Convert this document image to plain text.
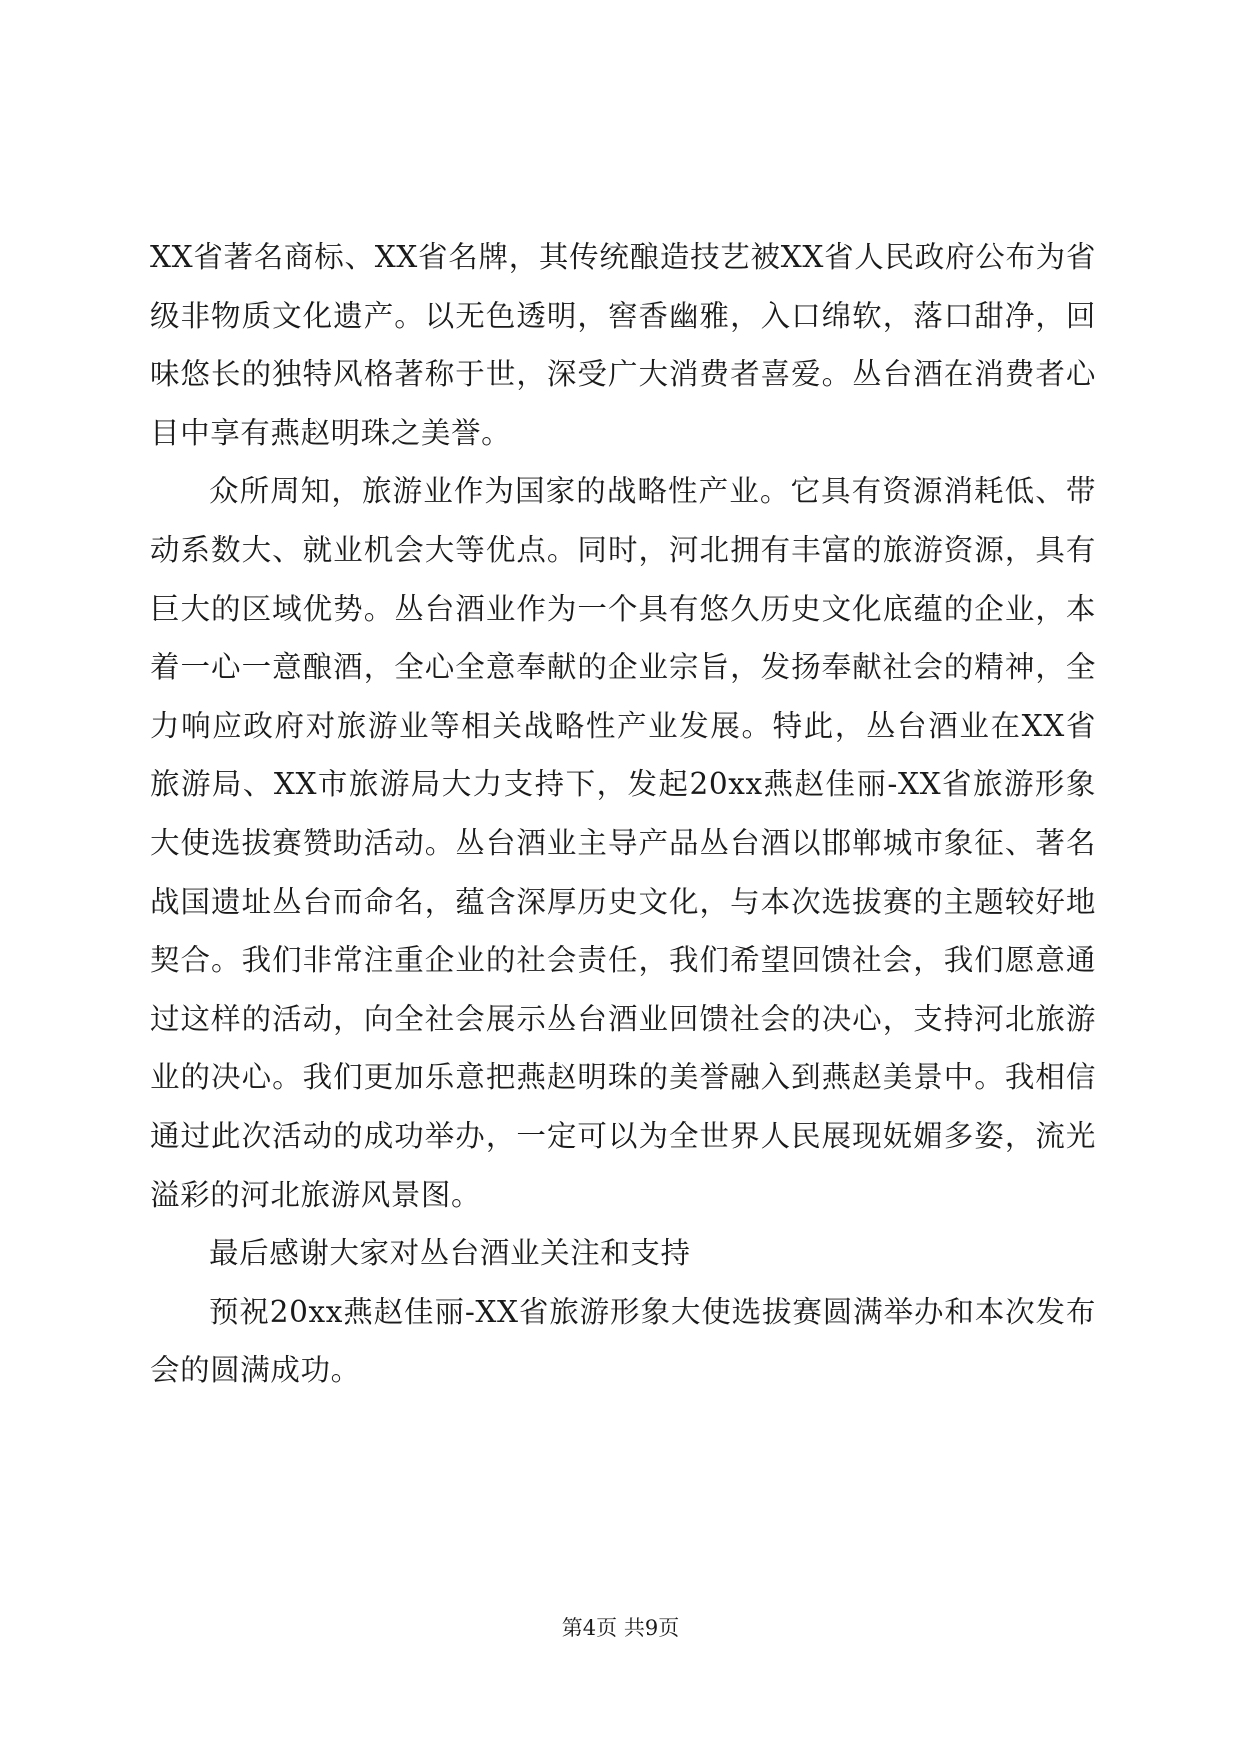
XX省著名商标、XX省名牌，其传统酿造技艺被XX省人民政府公布为省级非物质文化遗产。以无色透明，窖香幽雅，入口绵软，落口甜净，回味悠长的独特风格著称于世，深受广大消费者喜爱。丛台酒在消费者心目中享有燕赵明珠之美誉。

众所周知，旅游业作为国家的战略性产业。它具有资源消耗低、带动系数大、就业机会大等优点。同时，河北拥有丰富的旅游资源，具有巨大的区域优势。丛台酒业作为一个具有悠久历史文化底蕴的企业，本着一心一意酿酒，全心全意奉献的企业宗旨，发扬奉献社会的精神，全力响应政府对旅游业等相关战略性产业发展。特此，丛台酒业在XX省旅游局、XX市旅游局大力支持下，发起20xx燕赵佳丽-XX省旅游形象大使选拔赛赞助活动。丛台酒业主导产品丛台酒以邯郸城市象征、著名战国遗址丛台而命名，蕴含深厚历史文化，与本次选拔赛的主题较好地契合。我们非常注重企业的社会责任，我们希望回馈社会，我们愿意通过这样的活动，向全社会展示丛台酒业回馈社会的决心，支持河北旅游业的决心。我们更加乐意把燕赵明珠的美誉融入到燕赵美景中。我相信通过此次活动的成功举办，一定可以为全世界人民展现妩媚多姿，流光溢彩的河北旅游风景图。

最后感谢大家对丛台酒业关注和支持

预祝20xx燕赵佳丽-XX省旅游形象大使选拔赛圆满举办和本次发布会的圆满成功。

第4页 共9页
